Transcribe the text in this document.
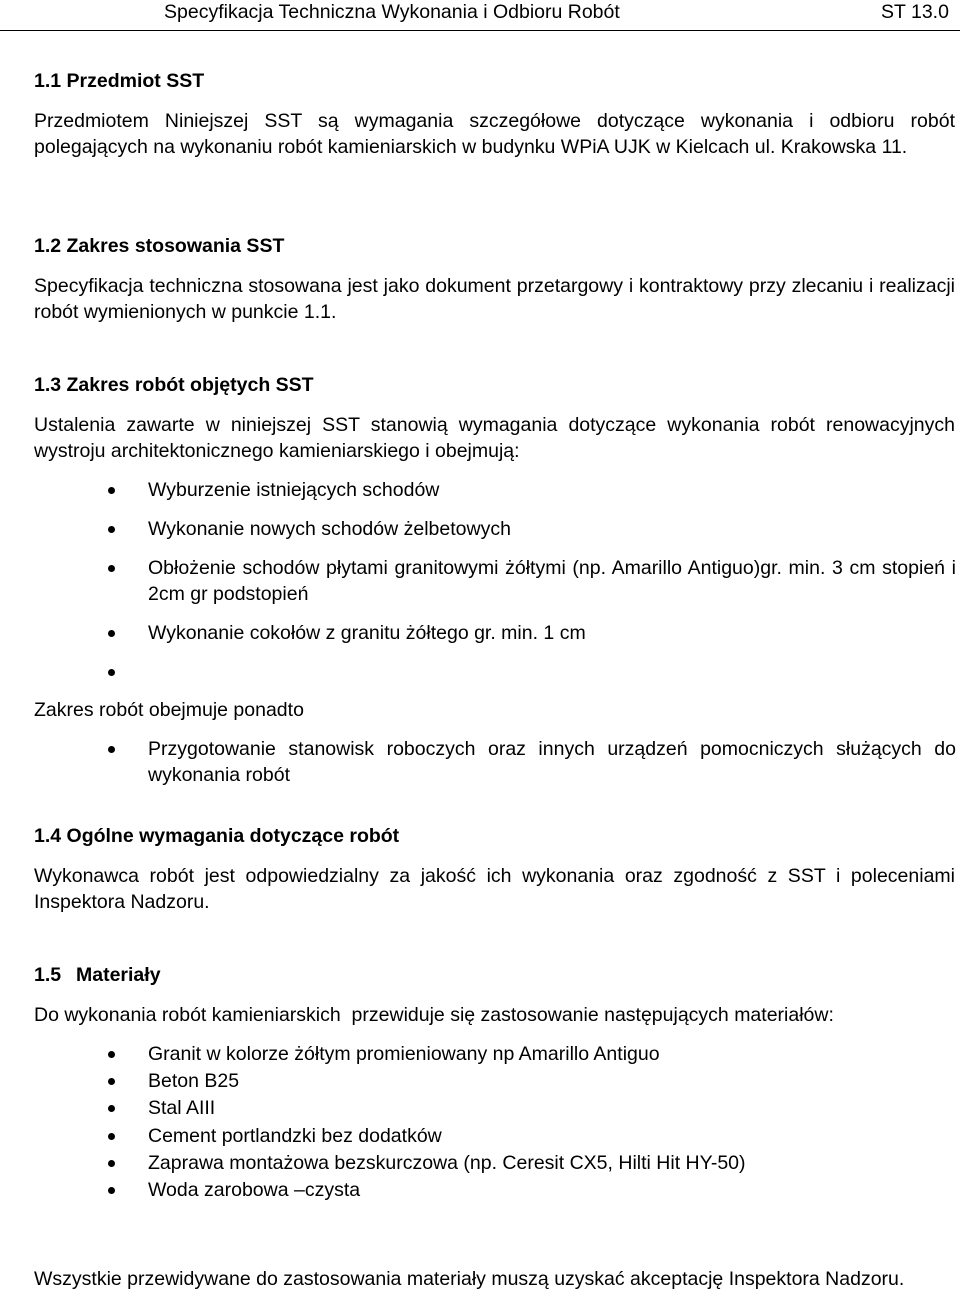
Specyfikacja Techniczna Wykonania i Odbioru Robót	ST 13.0
1.1 Przedmiot SST
Przedmiotem Niniejszej SST są wymagania szczegółowe dotyczące wykonania i odbioru robót polegających na wykonaniu robót kamieniarskich w budynku WPiA UJK w Kielcach ul. Krakowska 11.
1.2 Zakres stosowania SST
Specyfikacja techniczna stosowana jest jako dokument przetargowy i kontraktowy przy zlecaniu i realizacji robót wymienionych w punkcie 1.1.
1.3 Zakres robót objętych SST
Ustalenia zawarte w niniejszej SST stanowią wymagania dotyczące wykonania robót renowacyjnych wystroju architektonicznego kamieniarskiego i obejmują:
Wyburzenie istniejących schodów
Wykonanie nowych schodów żelbetowych
Obłożenie schodów płytami granitowymi żółtymi (np. Amarillo Antiguo)gr. min. 3 cm stopień i 2cm gr podstopień
Wykonanie cokołów z granitu żółtego gr. min. 1 cm
Zakres robót obejmuje ponadto
Przygotowanie stanowisk roboczych oraz innych urządzeń pomocniczych służących do wykonania robót
1.4 Ogólne wymagania dotyczące robót
Wykonawca robót jest odpowiedzialny za jakość ich wykonania oraz zgodność z SST i poleceniami Inspektora Nadzoru.
1.5 Materiały
Do wykonania robót kamieniarskich  przewiduje się zastosowanie następujących materiałów:
Granit w kolorze żółtym promieniowany np Amarillo Antiguo
Beton B25
Stal AIII
Cement portlandzki bez dodatków
Zaprawa montażowa bezskurczowa (np. Ceresit CX5, Hilti Hit HY-50)
Woda zarobowa –czysta
Wszystkie przewidywane do zastosowania materiały muszą uzyskać akceptację Inspektora Nadzoru.
